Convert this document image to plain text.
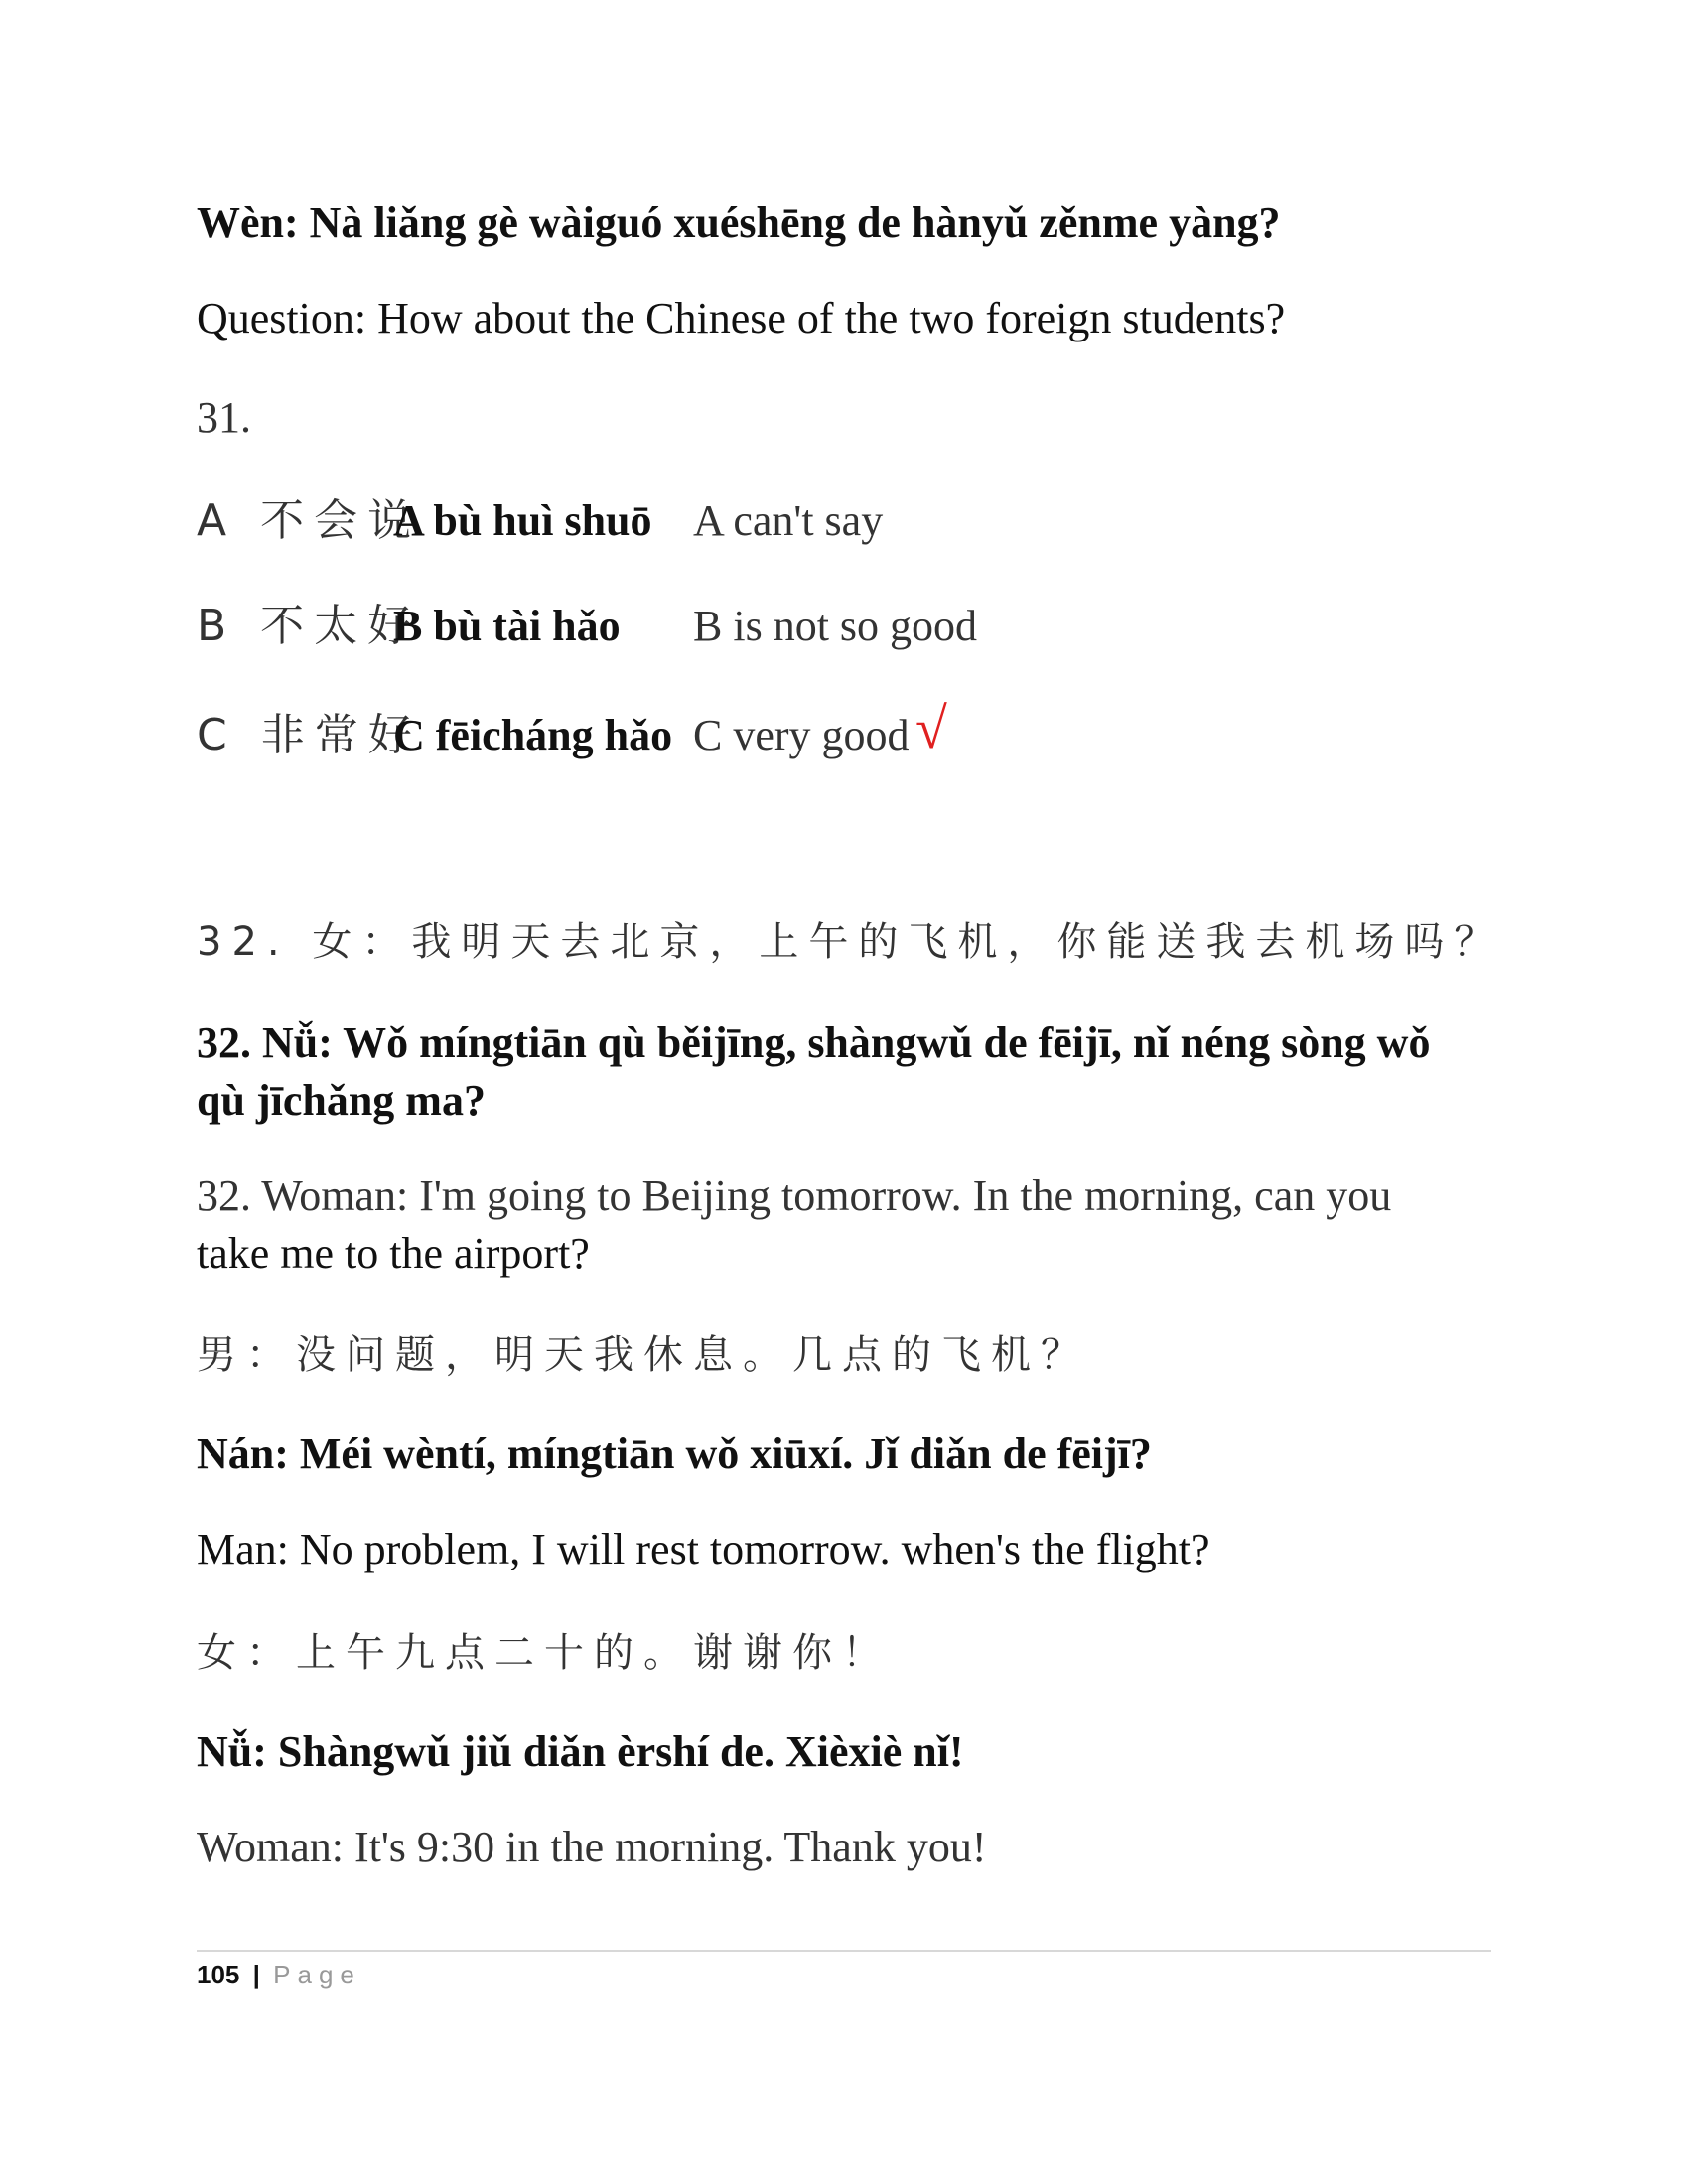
Wèn: Nà liǎng gè wàiguó xuéshēng de hànyǔ zěnme yàng?
Question: How about the Chinese of the two foreign students?
31.
A 不会说
A bù huì shuō A can't say
B 不太好
B bù tài hǎo B is not so good
C 非常好
C fēicháng hǎo C very good √
32. 女：我明天去北京，上午的飞机，你能送我去机场吗？
32. Nǚ: Wǒ míngtiān qù běijīng, shàngwǔ de fēijī, nǐ néng sòng wǒ qù jīchǎng ma?
32. Woman: I'm going to Beijing tomorrow. In the morning, can you
take me to the airport?
男：没问题，明天我休息。几点的飞机？
Nán: Méi wèntí, míngtiān wǒ xiūxí. Jǐ diǎn de fēijī?
Man: No problem, I will rest tomorrow. when's the flight?
女：上午九点二十的。谢谢你！
Nǚ: Shàngwǔ jiǔ diǎn èrshí de. Xièxiè nǐ!
Woman: It's 9:30 in the morning. Thank you!
105 | Page
